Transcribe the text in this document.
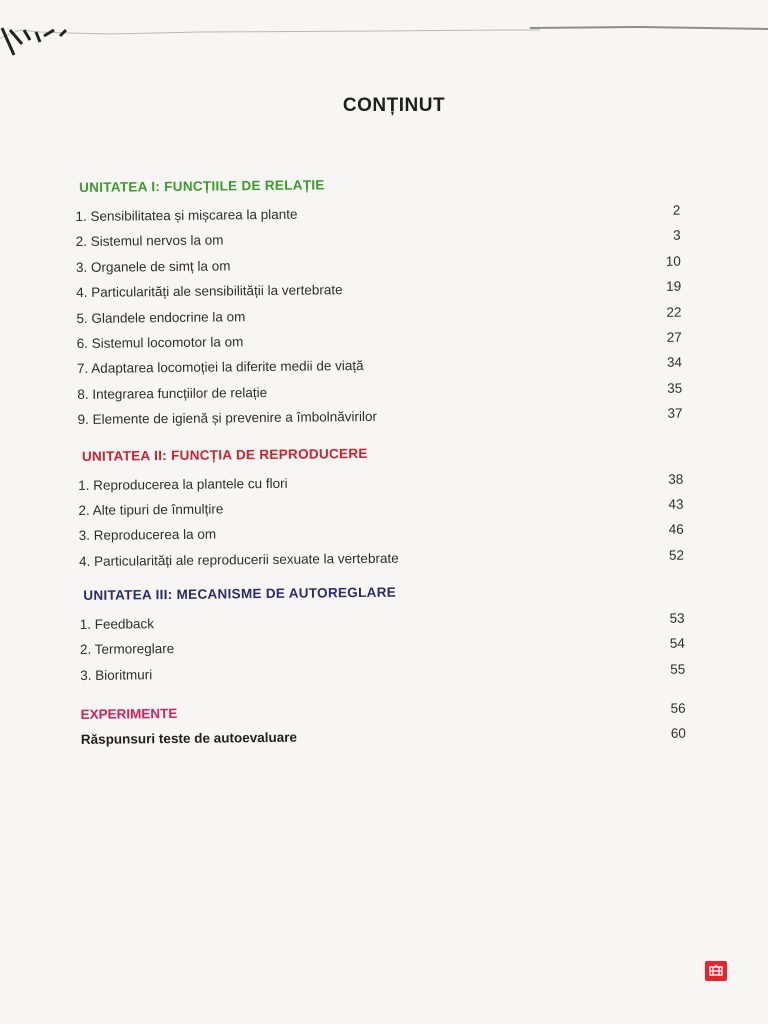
CONȚINUT
UNITATEA I: FUNCȚIILE DE RELAȚIE
1. Sensibilitatea și mișcarea la plante	2
2. Sistemul nervos la om	3
3. Organele de simț la om	10
4. Particularități ale sensibilității la vertebrate	19
5. Glandele endocrine la om	22
6. Sistemul locomotor la om	27
7. Adaptarea locomoției la diferite medii de viață	34
8. Integrarea funcțiilor de relație	35
9. Elemente de igienă și prevenire a îmbolnăvirilor	37
UNITATEA II: FUNCȚIA DE REPRODUCERE
1. Reproducerea la plantele cu flori	38
2. Alte tipuri de înmulțire	43
3. Reproducerea la om	46
4. Particularități ale reproducerii sexuate la vertebrate	52
UNITATEA III: MECANISME DE AUTOREGLARE
1. Feedback	53
2. Termoreglare	54
3. Bioritmuri	55
EXPERIMENTE	56
Răspunsuri teste de autoevaluare	60
